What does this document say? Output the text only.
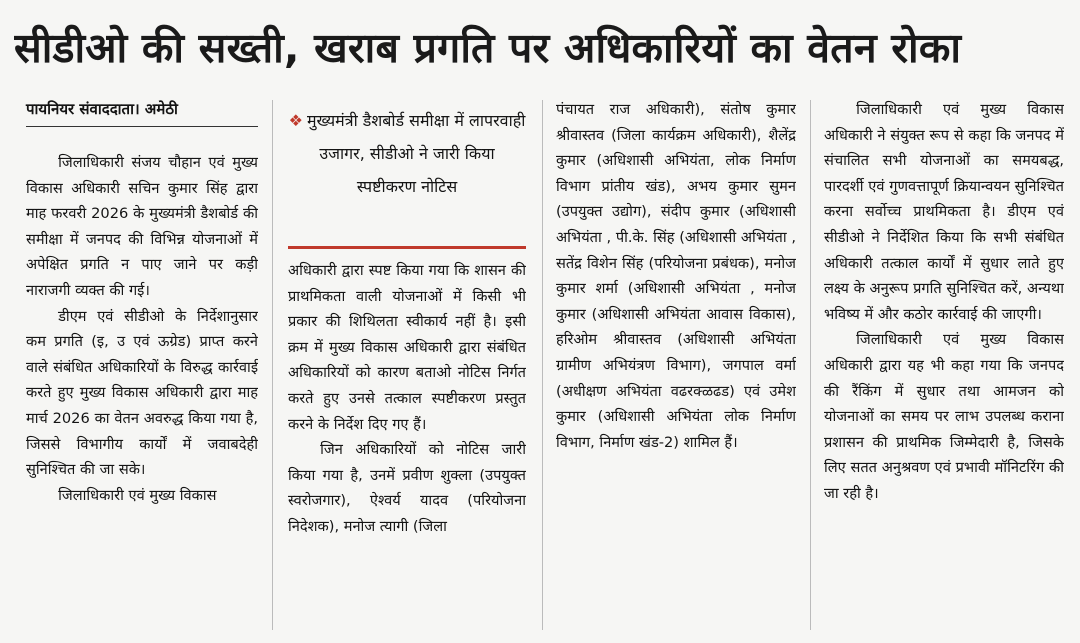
सीडीओ की सख्ती, खराब प्रगति पर अधिकारियों का वेतन रोका
पायनियर संवाददाता। अमेठी

जिलाधिकारी संजय चौहान एवं मुख्य विकास अधिकारी सचिन कुमार सिंह द्वारा माह फरवरी 2026 के मुख्यमंत्री डैशबोर्ड की समीक्षा में जनपद की विभिन्न योजनाओं में अपेक्षित प्रगति न पाए जाने पर कड़ी नाराजगी व्यक्त की गई।

डीएम एवं सीडीओ के निर्देशानुसार कम प्रगति (इ, उ एवं ऊग्रेड) प्राप्त करने वाले संबंधित अधिकारियों के विरुद्ध कार्रवाई करते हुए मुख्य विकास अधिकारी द्वारा माह मार्च 2026 का वेतन अवरुद्ध किया गया है, जिससे विभागीय कार्यों में जवाबदेही सुनिश्चित की जा सके।

जिलाधिकारी एवं मुख्य विकास

❖ मुख्यमंत्री डैशबोर्ड समीक्षा में लापरवाही उजागर, सीडीओ ने जारी किया स्पष्टीकरण नोटिस

अधिकारी द्वारा स्पष्ट किया गया कि शासन की प्राथमिकता वाली योजनाओं में किसी भी प्रकार की शिथिलता स्वीकार्य नहीं है। इसी क्रम में मुख्य विकास अधिकारी द्वारा संबंधित अधिकारियों को कारण बताओ नोटिस निर्गत करते हुए उनसे तत्काल स्पष्टीकरण प्रस्तुत करने के निर्देश दिए गए हैं।

जिन अधिकारियों को नोटिस जारी किया गया है, उनमें प्रवीण शुक्ला (उपयुक्त स्वरोजगार), ऐश्वर्य यादव (परियोजना निदेशक), मनोज त्यागी (जिला

पंचायत राज अधिकारी), संतोष कुमार श्रीवास्तव (जिला कार्यक्रम अधिकारी), शैलेंद्र कुमार (अधिशासी अभियंता, लोक निर्माण विभाग प्रांतीय खंड), अभय कुमार सुमन (उपयुक्त उद्योग), संदीप कुमार (अधिशासी अभियंता , पी.के. सिंह (अधिशासी अभियंता , सतेंद्र विशेन सिंह (परियोजना प्रबंधक), मनोज कुमार शर्मा (अधिशासी अभियंता , मनोज कुमार (अधिशासी अभियंता आवास विकास), हरिओम श्रीवास्तव (अधिशासी अभियंता ग्रामीण अभियंत्रण विभाग), जगपाल वर्मा (अधीक्षण अभियंता वढरक्ळढड) एवं उमेश कुमार (अधिशासी अभियंता लोक निर्माण विभाग, निर्माण खंड-2) शामिल हैं।

जिलाधिकारी एवं मुख्य विकास अधिकारी ने संयुक्त रूप से कहा कि जनपद में संचालित सभी योजनाओं का समयबद्ध, पारदर्शी एवं गुणवत्तापूर्ण क्रियान्वयन सुनिश्चित करना सर्वोच्च प्राथमिकता है। डीएम एवं सीडीओ ने निर्देशित किया कि सभी संबंधित अधिकारी तत्काल कार्यों में सुधार लाते हुए लक्ष्य के अनुरूप प्रगति सुनिश्चित करें, अन्यथा भविष्य में और कठोर कार्रवाई की जाएगी।

जिलाधिकारी एवं मुख्य विकास अधिकारी द्वारा यह भी कहा गया कि जनपद की रैंकिंग में सुधार तथा आमजन को योजनाओं का समय पर लाभ उपलब्ध कराना प्रशासन की प्राथमिक जिम्मेदारी है, जिसके लिए सतत अनुश्रवण एवं प्रभावी मॉनिटरिंग की जा रही है।
